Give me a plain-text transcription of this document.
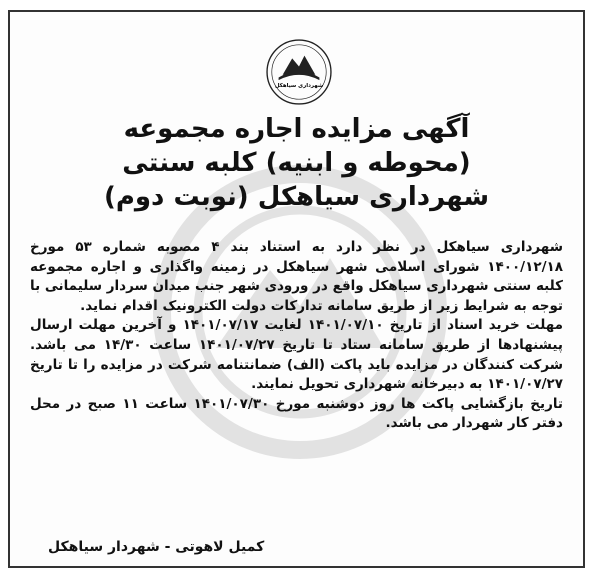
شهرداری سیاهکل
آگهی مزایده اجاره مجموعه
(محوطه و ابنیه) کلبه سنتی
شهرداری سیاهکل (نوبت دوم)

شهرداری سیاهکل در نظر دارد به استناد بند ۴ مصوبه شماره ۵۳ مورخ ۱۴۰۰/۱۲/۱۸ شورای اسلامی شهر سیاهکل در زمینه واگذاری و اجاره مجموعه کلبه سنتی شهرداری سیاهکل واقع در ورودی شهر جنب میدان سردار سلیمانی با توجه به شرایط زیر از طریق سامانه تدارکات دولت الکترونیک اقدام نماید.

مهلت خرید اسناد از تاریخ ۱۴۰۱/۰۷/۱۰ لغایت ۱۴۰۱/۰۷/۱۷ و آخرین مهلت ارسال پیشنهادها از طریق سامانه ستاد تا تاریخ ۱۴۰۱/۰۷/۲۷ ساعت ۱۴/۳۰ می باشد. شرکت کنندگان در مزایده باید پاکت (الف) ضمانتنامه شرکت در مزایده را تا تاریخ ۱۴۰۱/۰۷/۲۷ به دبیرخانه شهرداری تحویل نمایند.

تاریخ بازگشایی پاکت ها روز دوشنبه مورخ ۱۴۰۱/۰۷/۳۰ ساعت ۱۱ صبح در محل دفتر کار شهردار می باشد.

کمیل لاهوتی - شهردار سیاهکل
